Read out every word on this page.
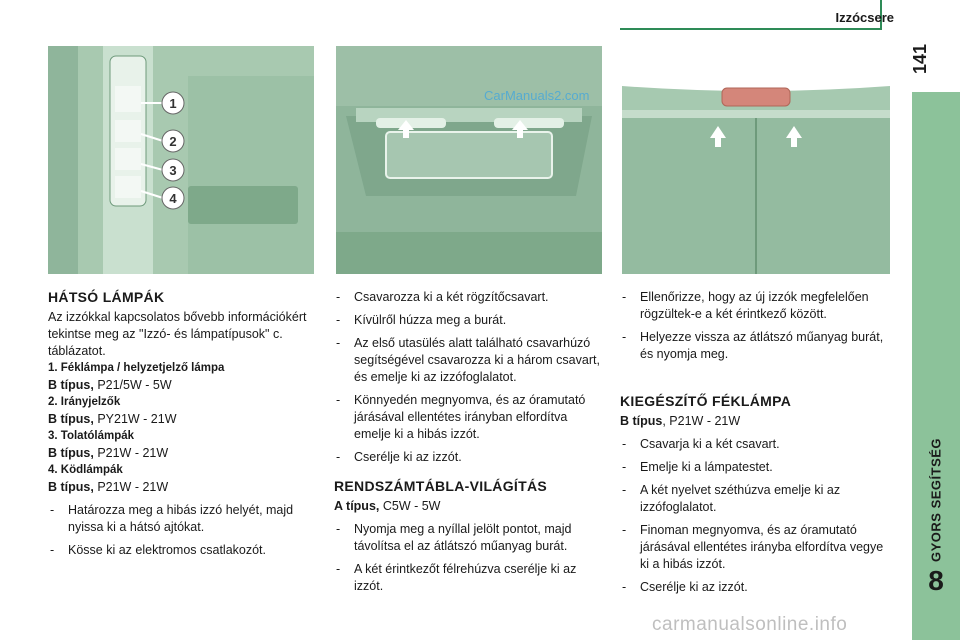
Izzócsere
141
GYORS SEGÍTSÉG
8
1
2
3
4
CarManuals2.com
HÁTSÓ LÁMPÁK

Az izzókkal kapcsolatos bővebb információkért tekintse meg az "Izzó- és lámpatípusok" c. táblázatot.

1. Féklámpa / helyzetjelző lámpa

B típus, P21/5W - 5W

2. Irányjelzők

B típus, PY21W - 21W

3. Tolatólámpák

B típus, P21W - 21W

4. Ködlámpák

B típus, P21W - 21W

- Határozza meg a hibás izzó helyét, majd nyissa ki a hátsó ajtókat.
- Kösse ki az elektromos csatlakozót.
- Csavarozza ki a két rögzítőcsavart.
- Kívülről húzza meg a burát.
- Az első utasülés alatt található csavarhúzó segítségével csavarozza ki a három csavart, és emelje ki az izzófoglalatot.
- Könnyedén megnyomva, és az óramutató járásával ellentétes irányban elfordítva emelje ki a hibás izzót.
- Cserélje ki az izzót.
RENDSZÁMTÁBLA-VILÁGÍTÁS

A típus, C5W - 5W

- Nyomja meg a nyíllal jelölt pontot, majd távolítsa el az átlátszó műanyag burát.
- A két érintkezőt félrehúzva cserélje ki az izzót.
- Ellenőrizze, hogy az új izzók megfelelően rögzültek-e a két érintkező között.
- Helyezze vissza az átlátszó műanyag burát, és nyomja meg.
KIEGÉSZÍTŐ FÉKLÁMPA

B típus, P21W - 21W

- Csavarja ki a két csavart.
- Emelje ki a lámpatestet.
- A két nyelvet széthúzva emelje ki az izzófoglalatot.
- Finoman megnyomva, és az óramutató járásával ellentétes irányba elfordítva vegye ki a hibás izzót.
- Cserélje ki az izzót.
carmanualsonline.info
